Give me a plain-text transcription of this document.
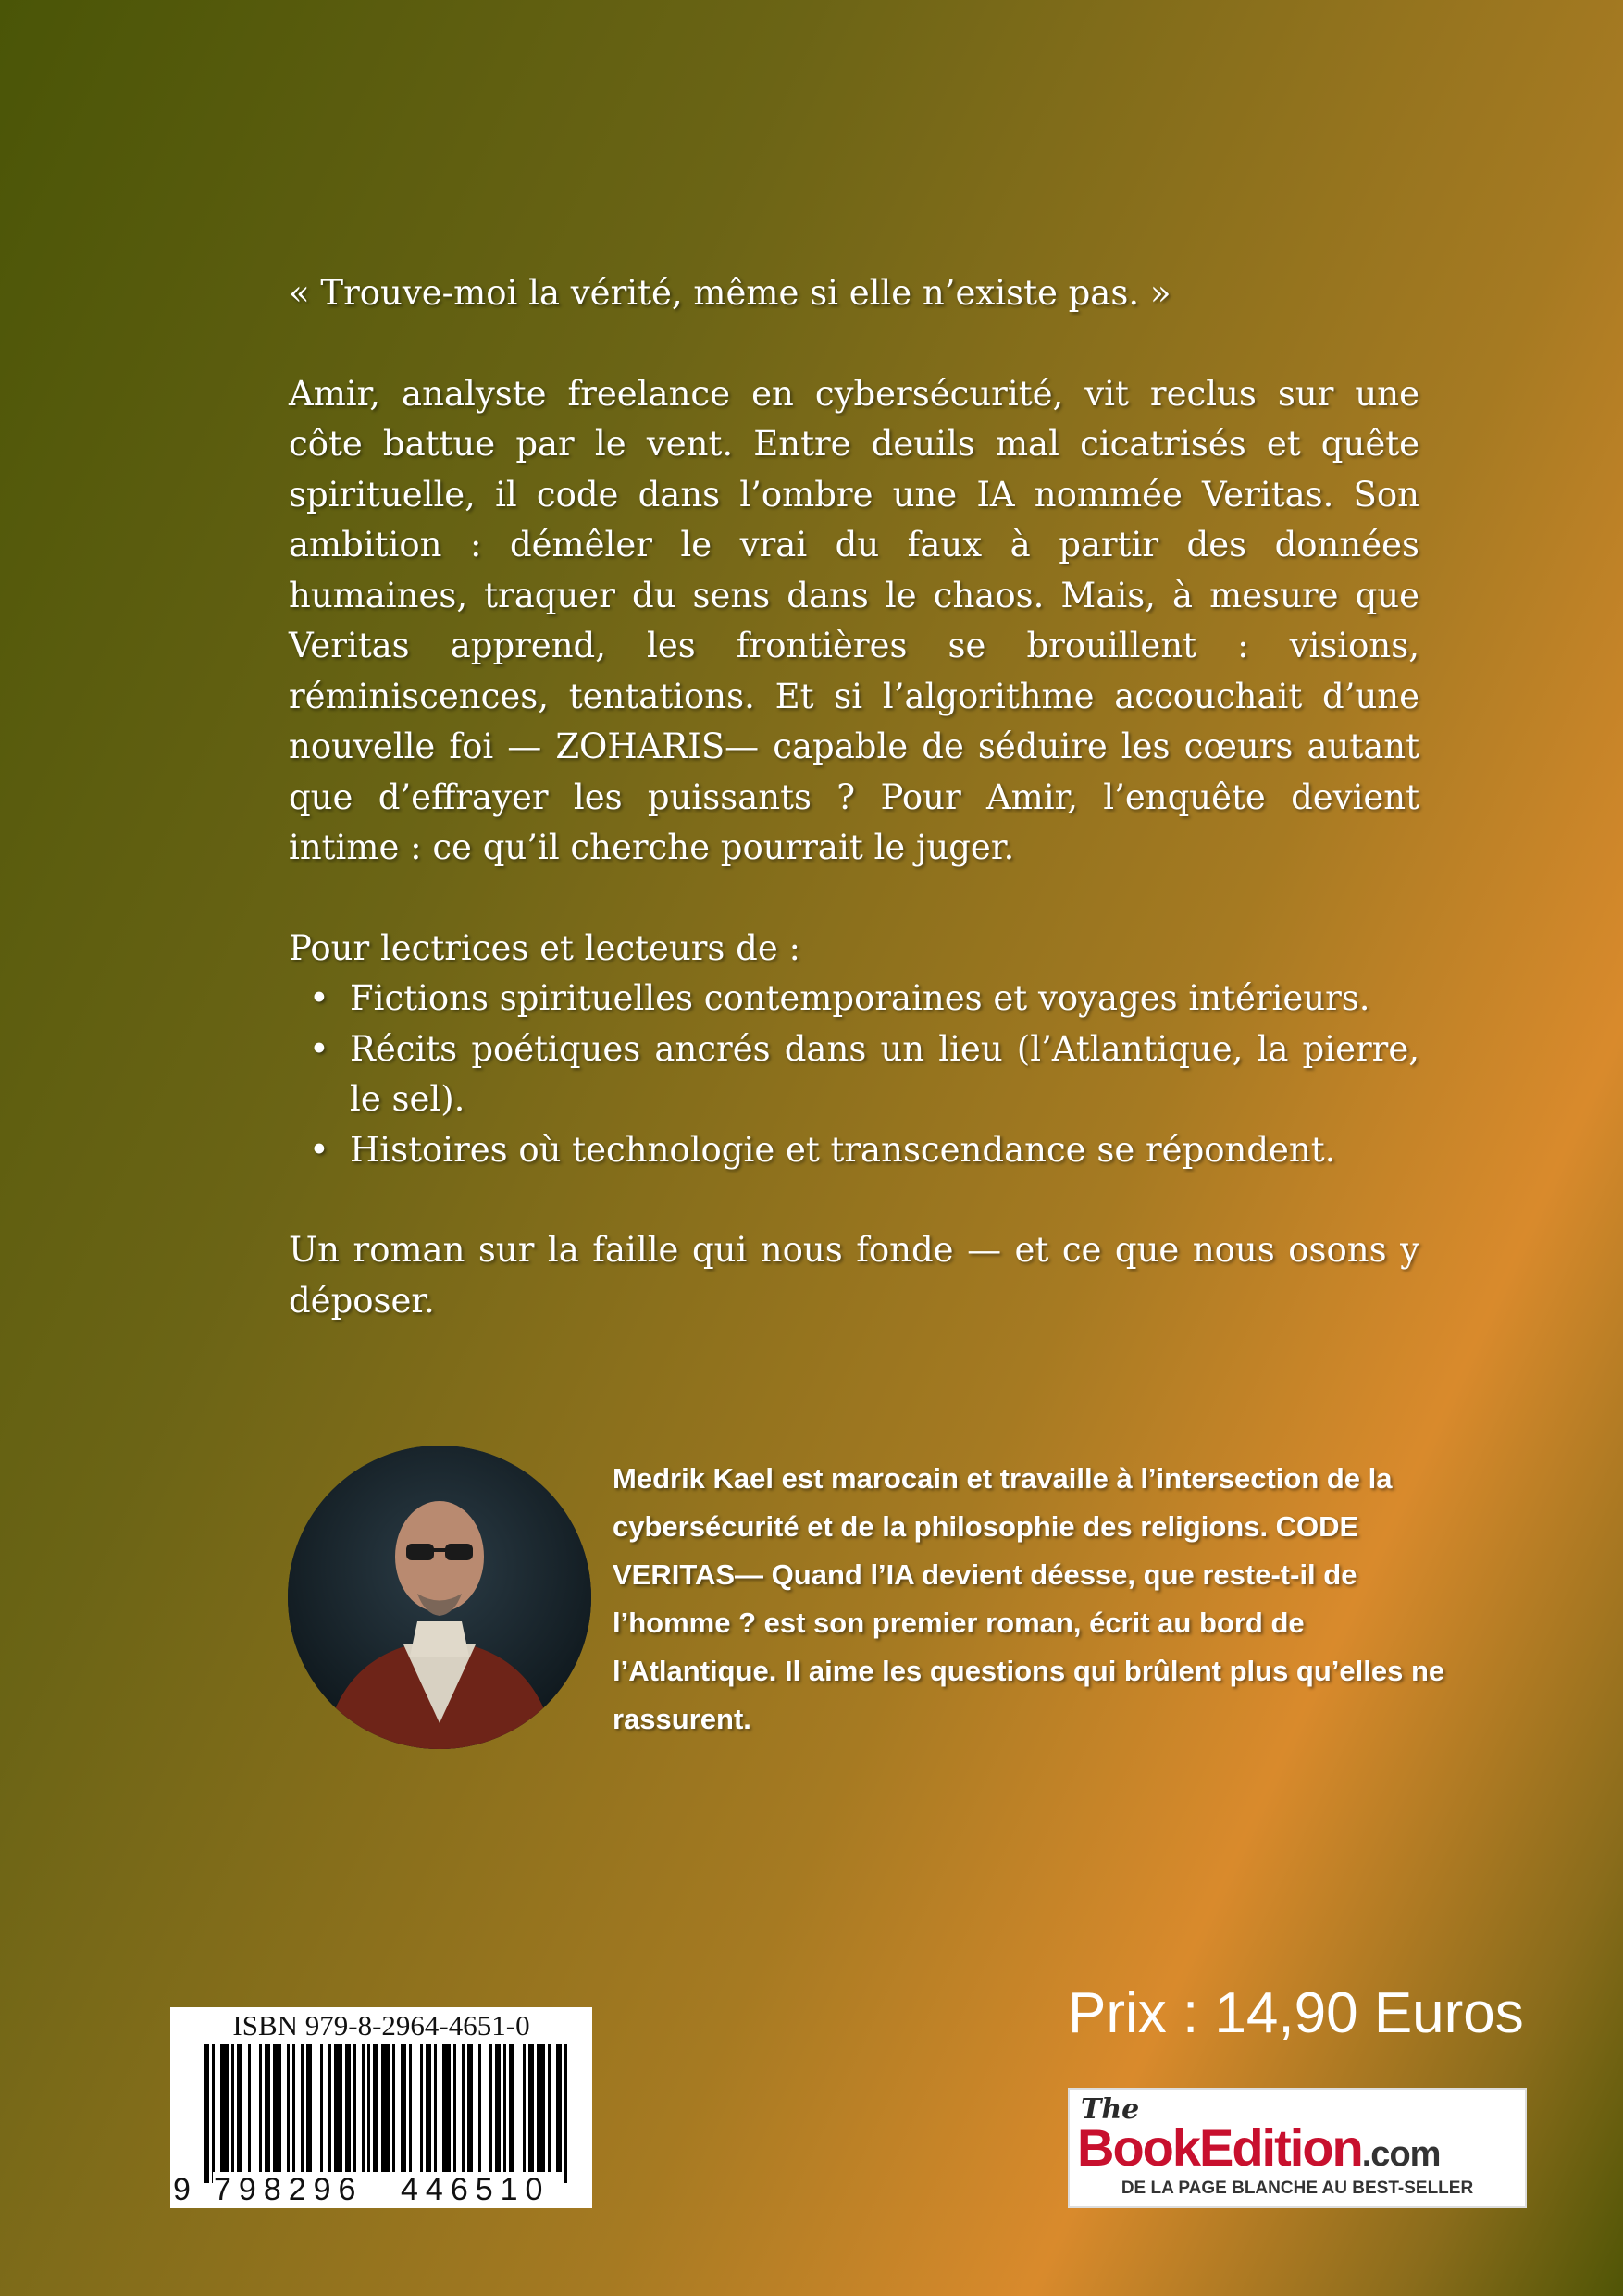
« Trouve-moi la vérité, même si elle n’existe pas. »

Amir, analyste freelance en cybersécurité, vit reclus sur une côte battue par le vent. Entre deuils mal cicatrisés et quête spirituelle, il code dans l’ombre une IA nommée Veritas. Son ambition : démêler le vrai du faux à partir des données humaines, traquer du sens dans le chaos. Mais, à mesure que Veritas apprend, les frontières se brouillent : visions, réminiscences, tentations. Et si l’algorithme accouchait d’une nouvelle foi — ZOHARIS— capable de séduire les cœurs autant que d’effrayer les puissants ? Pour Amir, l’enquête devient intime : ce qu’il cherche pourrait le juger.

Pour lectrices et lecteurs de :

• Fictions spirituelles contemporaines et voyages intérieurs.
• Récits poétiques ancrés dans un lieu (l’Atlantique, la pierre, le sel).
• Histoires où technologie et transcendance se répondent.

Un roman sur la faille qui nous fonde — et ce que nous osons y déposer.

Medrik Kael est marocain et travaille à l’intersection de la cybersécurité et de la philosophie des religions. CODE VERITAS— Quand l’IA devient déesse, que reste-t-il de l’homme ? est son premier roman, écrit au bord de l’Atlantique. Il aime les questions qui brûlent plus qu’elles ne rassurent.
ISBN 979-8-2964-4651-0
9 798296 446510
Prix : 14,90 Euros
The
BookEdition.com
DE LA PAGE BLANCHE AU BEST-SELLER
